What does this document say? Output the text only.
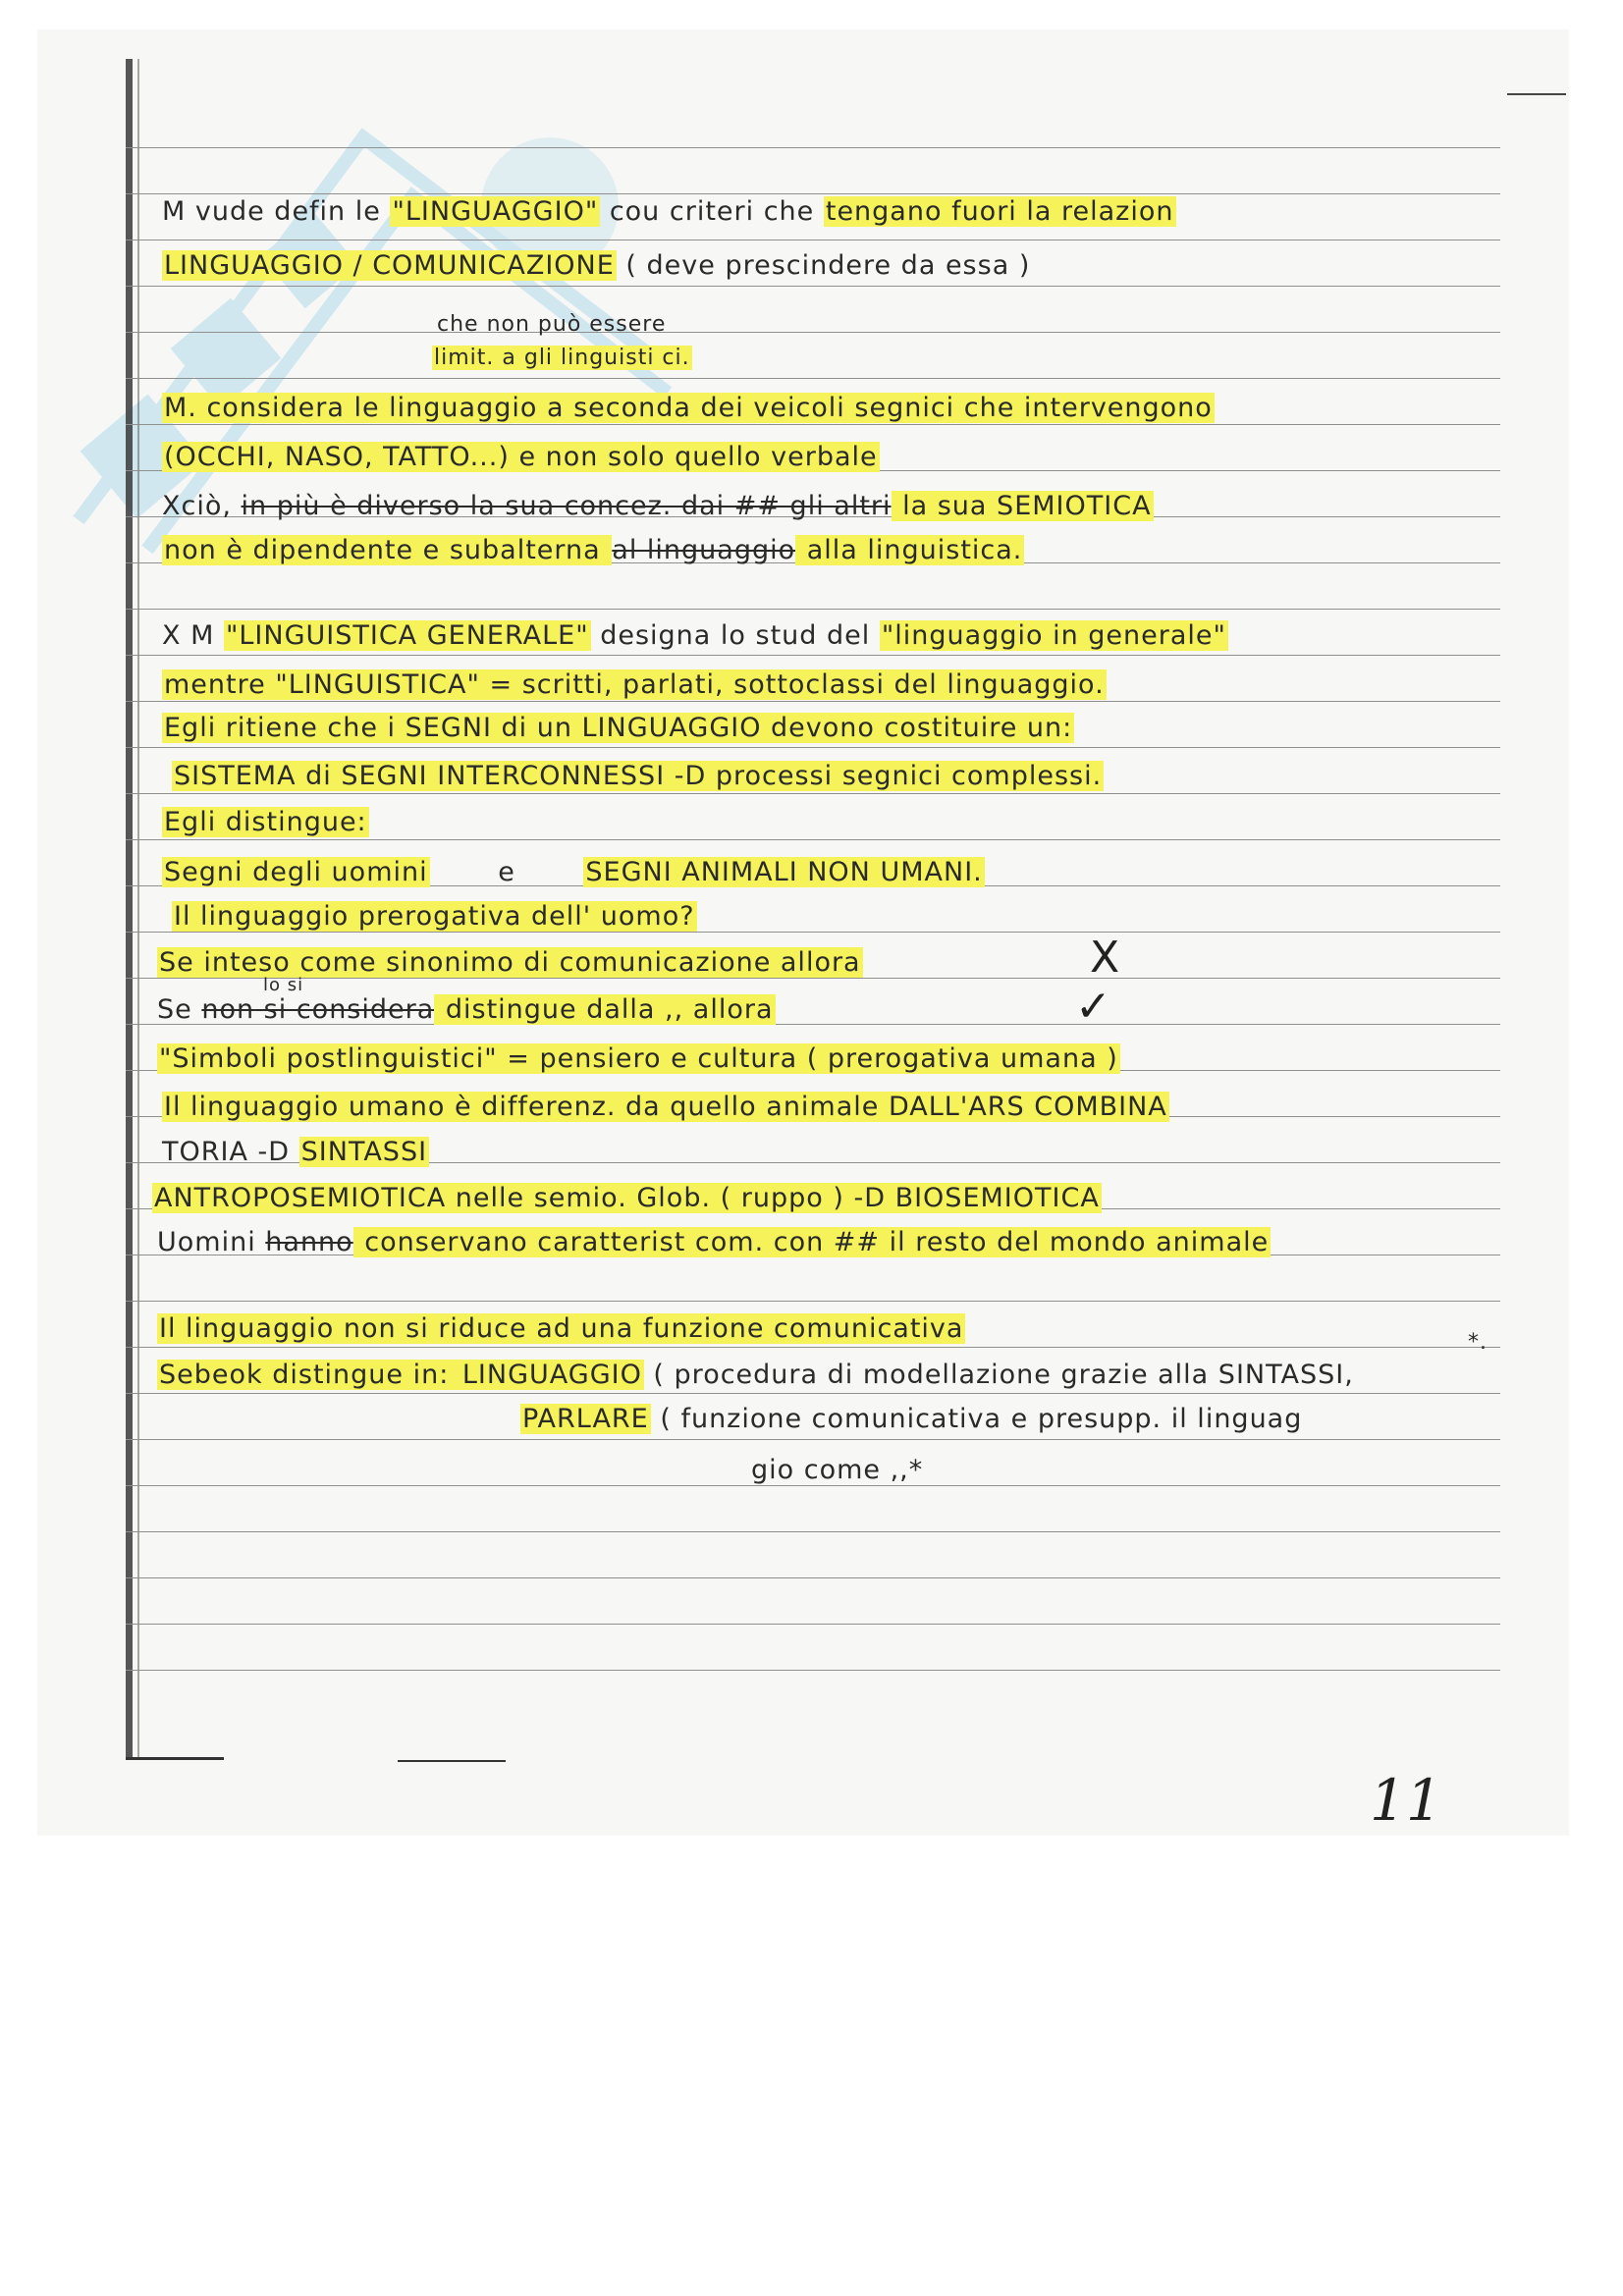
M vude defin le "LINGUAGGIO" cou criteri che tengano fuori la relazion
LINGUAGGIO / COMUNICAZIONE ( deve prescindere da essa )
che non può essere
limit. a gli linguisti ci.
M. considera le linguaggio a seconda dei veicoli segnici che intervengono
(OCCHI, NASO, TATTO...) e non solo quello verbale
Xciò, in più è diverso la sua concez. dai ## gli altri la sua SEMIOTICA
non è dipendente e subalterna al linguaggio alla linguistica.
X M "LINGUISTICA GENERALE" designa lo stud del "linguaggio in generale"
mentre "LINGUISTICA" = scritti, parlati, sottoclassi del linguaggio.
Egli ritiene che i SEGNI di un LINGUAGGIO devono costituire un:
SISTEMA di SEGNI INTERCONNESSI -D processi segnici complessi.
Egli distingue:
Segni degli uomini e SEGNI ANIMALI NON UMANI.
Il linguaggio prerogativa dell' uomo?
Se inteso come sinonimo di comunicazione allora
lo si
Se non si considera distingue dalla ,, allora
"Simboli postlinguistici" = pensiero e cultura ( prerogativa umana )
Il linguaggio umano è differenz. da quello animale DALL'ARS COMBINA
TORIA -D SINTASSI
ANTROPOSEMIOTICA nelle semio. Glob. ( ruppo ) -D BIOSEMIOTICA
Uomini hanno conservano caratterist com. con ## il resto del mondo animale
Il linguaggio non si riduce ad una funzione comunicativa
Sebeok distingue in: LINGUAGGIO ( procedura di modellazione grazie alla SINTASSI,
*.
PARLARE ( funzione comunicativa e presupp. il linguag
gio come ,,*
X
✓
11
